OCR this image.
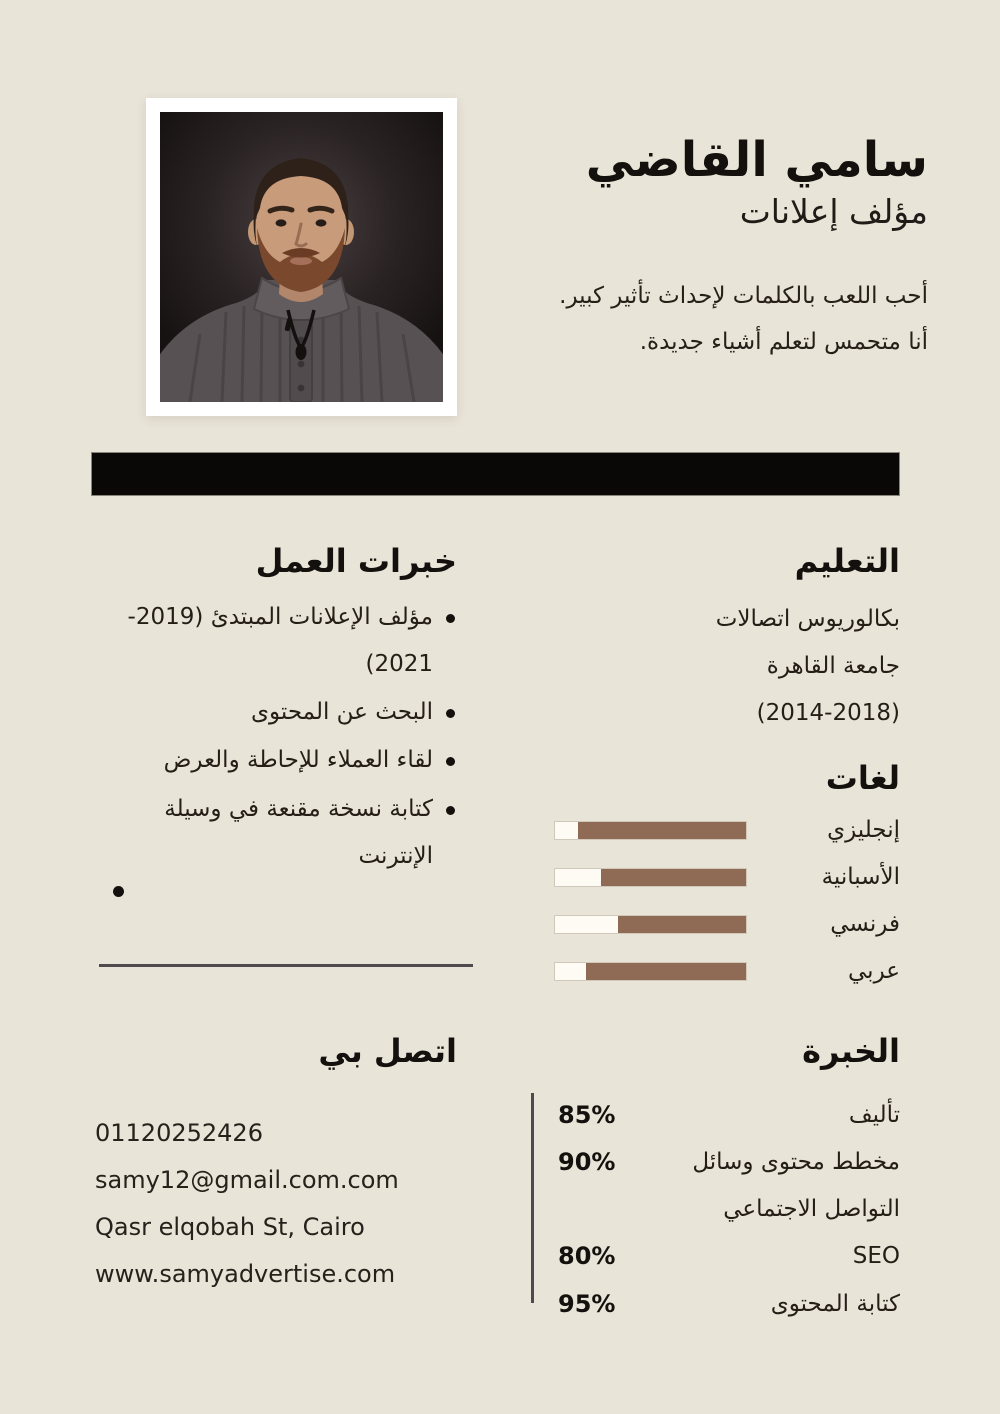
سامي القاضي
مؤلف إعلانات
أحب اللعب بالكلمات لإحداث تأثير كبير.
أنا متحمس لتعلم أشياء جديدة.
خبرات العمل
مؤلف الإعلانات المبتدئ (2019-2021)
البحث عن المحتوى
لقاء العملاء للإحاطة والعرض
كتابة نسخة مقنعة في وسيلة الإنترنت
التعليم
بكالوريوس اتصالات
جامعة القاهرة
(2014-2018)
لغات
إنجليزي
الأسبانية
فرنسي
عربي
اتصل بي
01120252426
samy12@gmail.com.com
Qasr elqobah St, Cairo
www.samyadvertise.com
الخبرة
تأليف
85%
مخطط محتوى وسائل التواصل الاجتماعي
90%
SEO
80%
كتابة المحتوى
95%
